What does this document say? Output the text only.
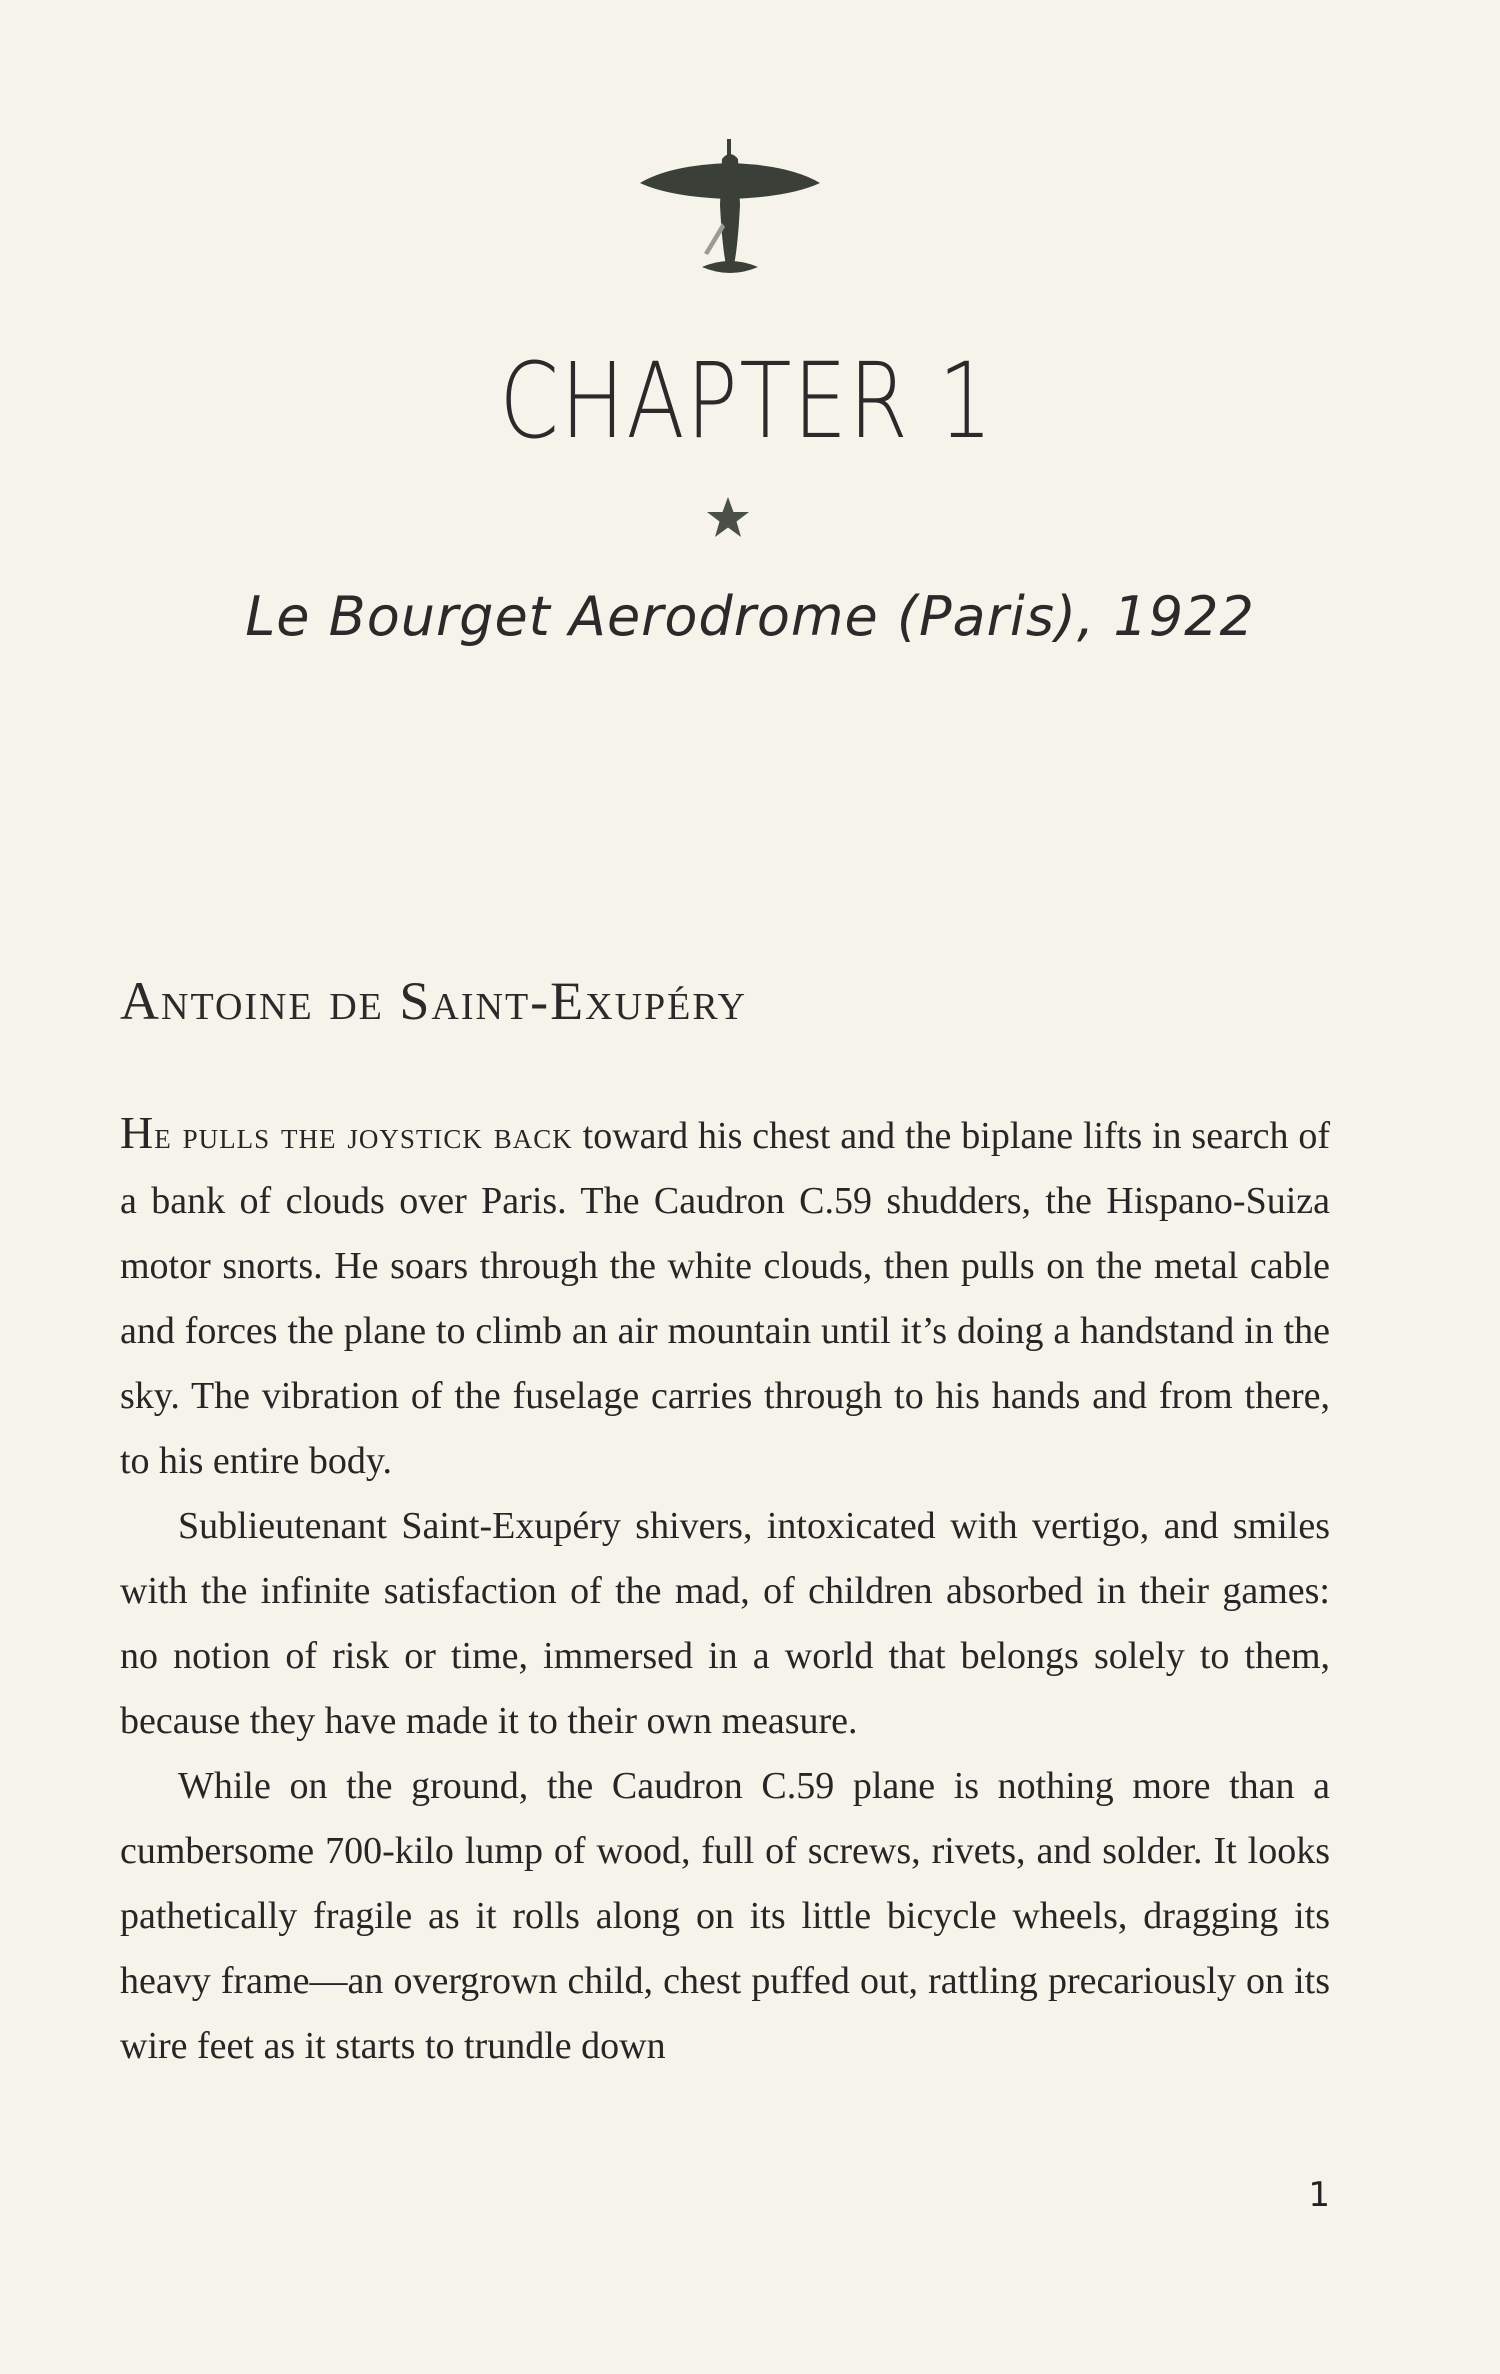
CHAPTER 1
Le Bourget Aerodrome (Paris), 1922
Antoine de Saint-Exupéry

He pulls the joystick back toward his chest and the biplane lifts in search of a bank of clouds over Paris. The Caudron C.59 shudders, the Hispano-Suiza motor snorts. He soars through the white clouds, then pulls on the metal cable and forces the plane to climb an air mountain until it’s doing a handstand in the sky. The vibration of the fuselage carries through to his hands and from there, to his entire body.

Sublieutenant Saint-Exupéry shivers, intoxicated with vertigo, and smiles with the infinite satisfaction of the mad, of children absorbed in their games: no notion of risk or time, immersed in a world that belongs solely to them, because they have made it to their own measure.

While on the ground, the Caudron C.59 plane is nothing more than a cumbersome 700-kilo lump of wood, full of screws, rivets, and solder. It looks pathetically fragile as it rolls along on its little bicycle wheels, dragging its heavy frame—an overgrown child, chest puffed out, rattling precariously on its wire feet as it starts to trundle down

1
